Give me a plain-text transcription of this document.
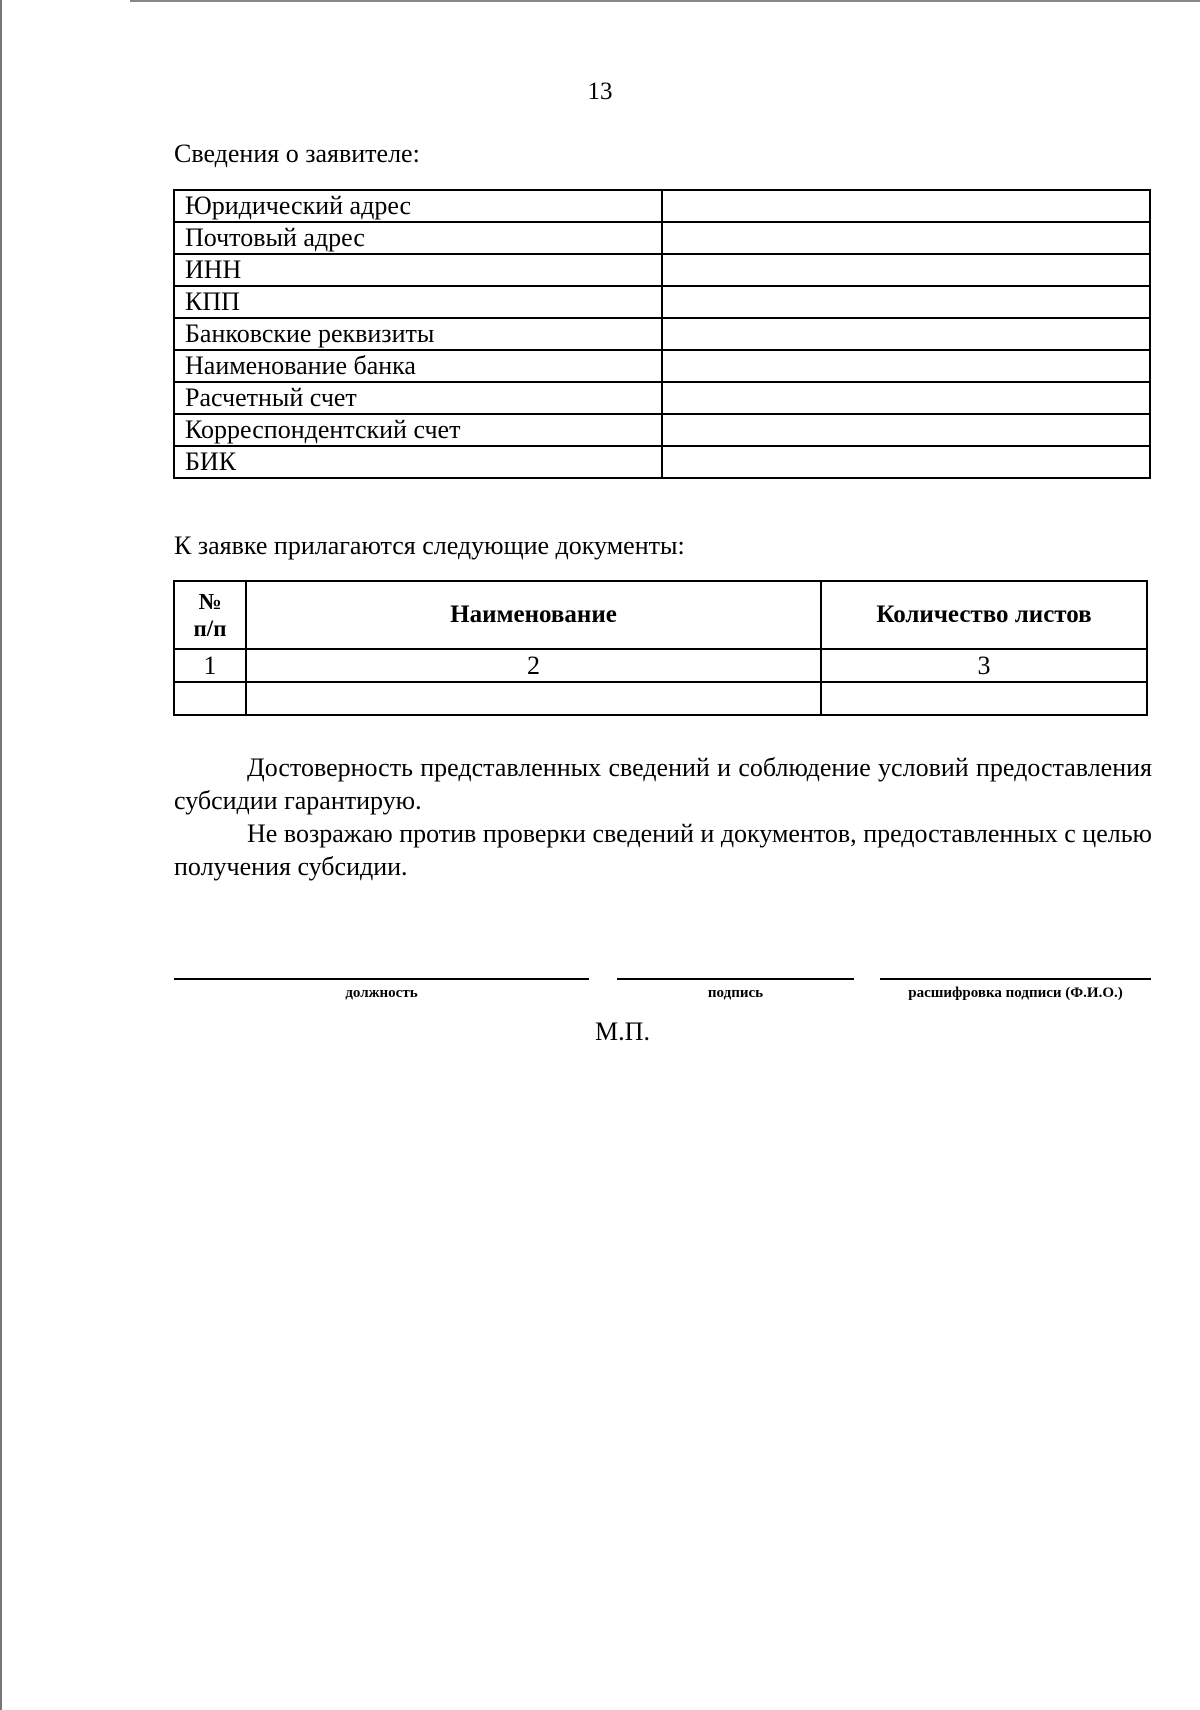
13
Сведения о заявителе:
Юридический адрес	
Почтовый адрес	
ИНН	
КПП	
Банковские реквизиты	
Наименование банка	
Расчетный счет	
Корреспондентский счет	
БИК	
К заявке прилагаются следующие документы:
№
п/п	Наименование	Количество листов
1	2	3

Достоверность представленных сведений и соблюдение условий предоставления субсидии гарантирую.
Не возражаю против проверки сведений и документов, предоставленных с целью получения субсидии.
должность	подпись	расшифровка подписи (Ф.И.О.)
М.П.
